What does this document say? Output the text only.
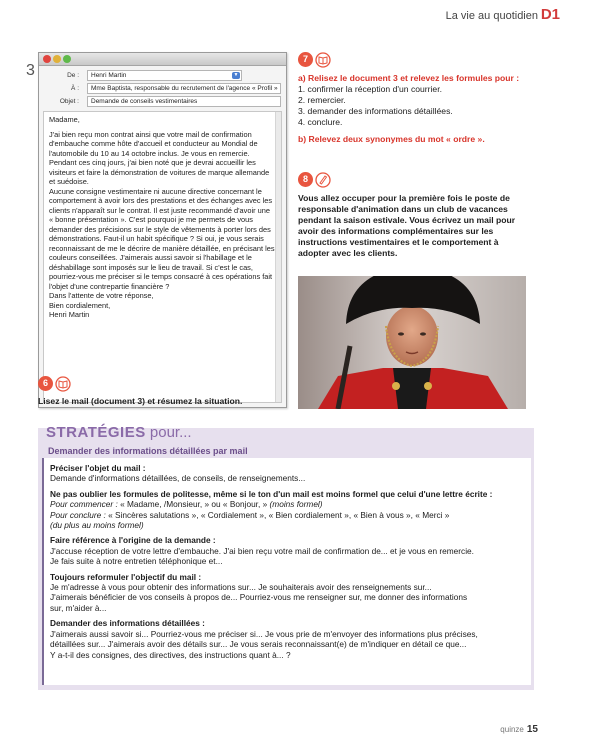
La vie au quotidien D1
3	De :	Henri Martin	▼
À :	Mme Baptista, responsable du recrutement de l'agence « Profil »
Objet :	Demande de conseils vestimentaires

Madame,

J'ai bien reçu mon contrat ainsi que votre mail de confirmation d'embauche comme hôte d'accueil et conducteur au Mondial de l'automobile du 10 au 14 octobre inclus. Je vous en remercie.

Pendant ces cinq jours, j'ai bien noté que je devrai accueillir les visiteurs et faire la démonstration de voitures de marque allemande et suédoise.

Aucune consigne vestimentaire ni aucune directive concernant le comportement à avoir lors des prestations et des échanges avec les clients n'apparaît sur le contrat. Il est juste recommandé d'avoir une « bonne présentation ». C'est pourquoi je me permets de vous demander des précisions sur le style de vêtements à porter lors des démonstrations. Faut-il un habit spécifique ? Si oui, je vous serais reconnaissant de me le décrire de manière détaillée, en précisant les couleurs conseillées. J'aimerais aussi savoir si l'habillage et le déshabillage sont imposés sur le lieu de travail. Si c'est le cas, pourriez-vous me préciser si le temps consacré à ces opérations fait l'objet d'une contrepartie financière ?

Dans l'attente de votre réponse,

Bien cordialement,

Henri Martin

6
Lisez le mail (document 3) et résumez la situation.
7
a) Relisez le document 3 et relevez les formules pour :
1. confirmer la réception d'un courrier.
2. remercier.
3. demander des informations détaillées.
4. conclure.
b) Relevez deux synonymes du mot « ordre ».
8
Vous allez occuper pour la première fois le poste de responsable d'animation dans un club de vacances pendant la saison estivale. Vous écrivez un mail pour avoir des informations complémentaires sur les instructions vestimentaires et le comportement à adopter avec les clients.
STRATÉGIES pour...
Demander des informations détaillées par mail
Préciser l'objet du mail :
Demande d'informations détaillées, de conseils, de renseignements...
Ne pas oublier les formules de politesse, même si le ton d'un mail est moins formel que celui d'une lettre écrite :
Pour commencer : « Madame, /Monsieur, » ou « Bonjour, » (moins formel)
Pour conclure : « Sincères salutations », « Cordialement », « Bien cordialement », « Bien à vous », « Merci »
(du plus au moins formel)
Faire référence à l'origine de la demande :
J'accuse réception de votre lettre d'embauche. J'ai bien reçu votre mail de confirmation de... et je vous en remercie.
Je fais suite à notre entretien téléphonique et...
Toujours reformuler l'objectif du mail :
Je m'adresse à vous pour obtenir des informations sur... Je souhaiterais avoir des renseignements sur...
J'aimerais bénéficier de vos conseils à propos de... Pourriez-vous me renseigner sur, me donner des informations
sur, m'aider à...
Demander des informations détaillées :
J'aimerais aussi savoir si... Pourriez-vous me préciser si... Je vous prie de m'envoyer des informations plus précises,
détaillées sur... J'aimerais avoir des détails sur... Je vous serais reconnaissant(e) de m'indiquer en détail ce que...
Y a-t-il des consignes, des directives, des instructions quant à... ?
quinze 15
